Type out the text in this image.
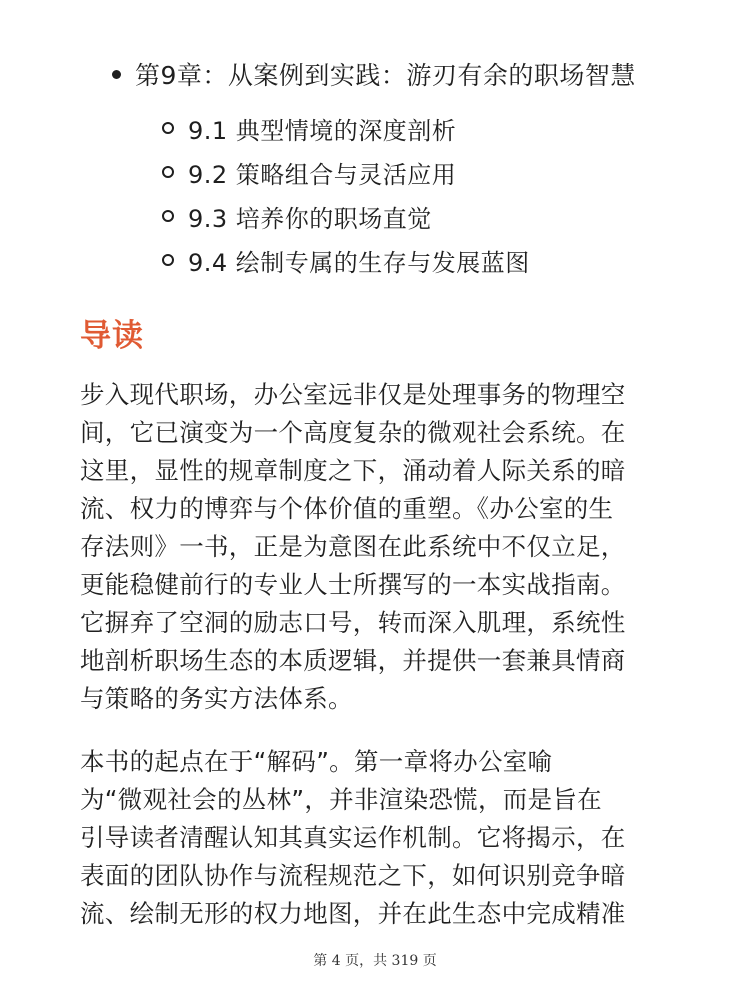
第9章：从案例到实践：游刃有余的职场智慧
9.1 典型情境的深度剖析
9.2 策略组合与灵活应用
9.3 培养你的职场直觉
9.4 绘制专属的生存与发展蓝图
导读
步入现代职场，办公室远非仅是处理事务的物理空
间，它已演变为一个高度复杂的微观社会系统。在
这里，显性的规章制度之下，涌动着人际关系的暗
流、权力的博弈与个体价值的重塑。《办公室的生
存法则》一书，正是为意图在此系统中不仅立足，
更能稳健前行的专业人士所撰写的一本实战指南。
它摒弃了空洞的励志口号，转而深入肌理，系统性
地剖析职场生态的本质逻辑，并提供一套兼具情商
与策略的务实方法体系。
本书的起点在于“解码”。第一章将办公室喻
为“微观社会的丛林”，并非渲染恐慌，而是旨在
引导读者清醒认知其真实运作机制。它将揭示，在
表面的团队协作与流程规范之下，如何识别竞争暗
流、绘制无形的权力地图，并在此生态中完成精准
第 4 页，共 319 页
